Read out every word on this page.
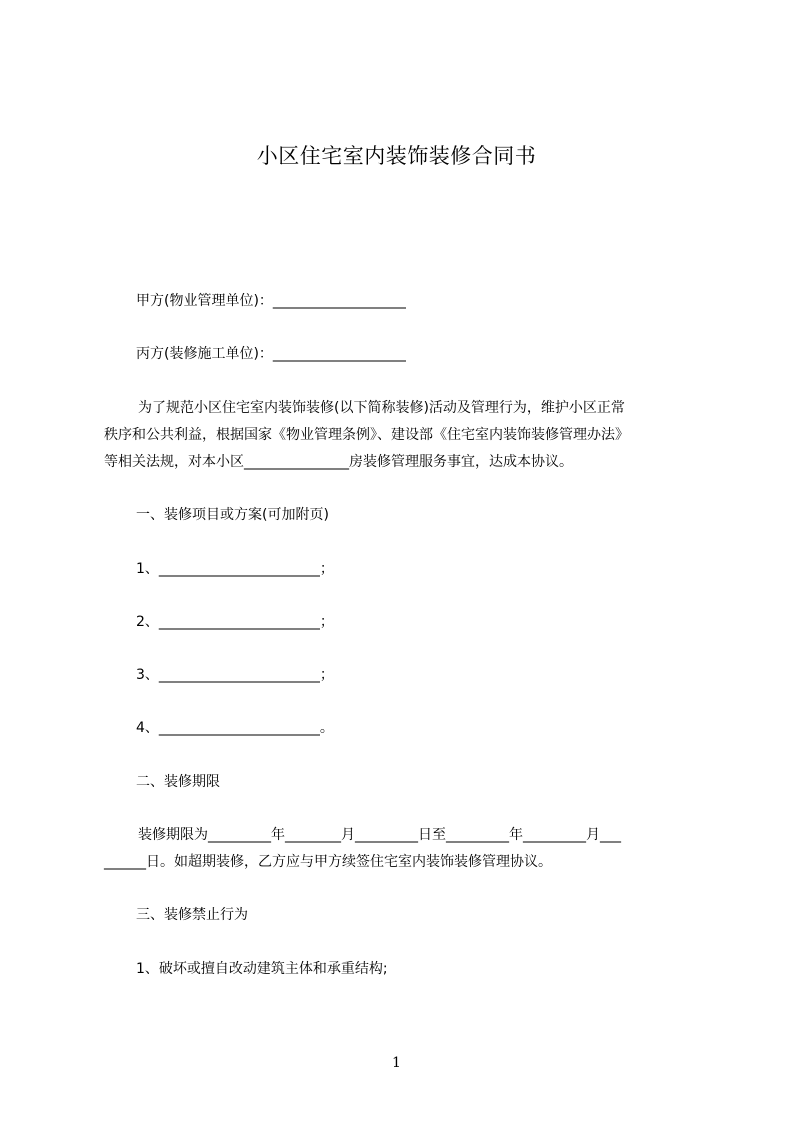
小区住宅室内装饰装修合同书
甲方(物业管理单位)：___________________
丙方(装修施工单位)：___________________
为了规范小区住宅室内装饰装修(以下简称装修)活动及管理行为，维护小区正常
秩序和公共利益，根据国家《物业管理条例》、建设部《住宅室内装饰装修管理办法》
等相关法规，对本小区_______________房装修管理服务事宜，达成本协议。
一、装修项目或方案(可加附页)
1、_______________________；
2、_______________________；
3、_______________________；
4、_______________________。
二、装修期限
装修期限为_________年________月_________日至_________年_________月___
______日。如超期装修，乙方应与甲方续签住宅室内装饰装修管理协议。
三、装修禁止行为
1、破坏或擅自改动建筑主体和承重结构;
1
